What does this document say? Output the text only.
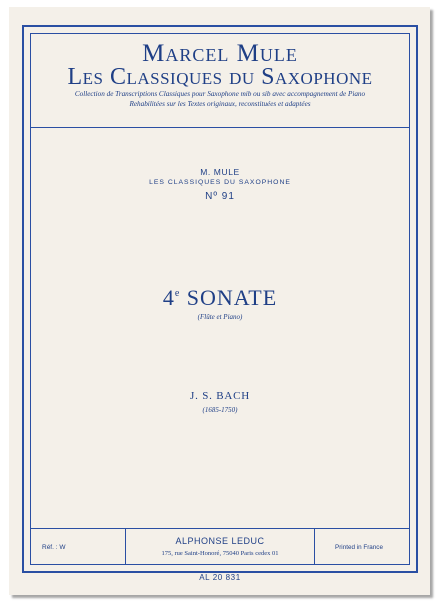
Marcel Mule
Les Classiques du Saxophone
Collection de Transcriptions Classiques pour Saxophone mib ou sib avec accompagnement de Piano
Rehabilitées sur les Textes originaux, reconstituées et adaptées
M. MULE
LES CLASSIQUES DU SAXOPHONE
Nº 91
4e SONATE
(Flûte et Piano)
J. S. BACH
(1685-1750)
Réf. : W
ALPHONSE LEDUC
175, rue Saint-Honoré, 75040 Paris cedex 01
Printed in France
AL 20 831
